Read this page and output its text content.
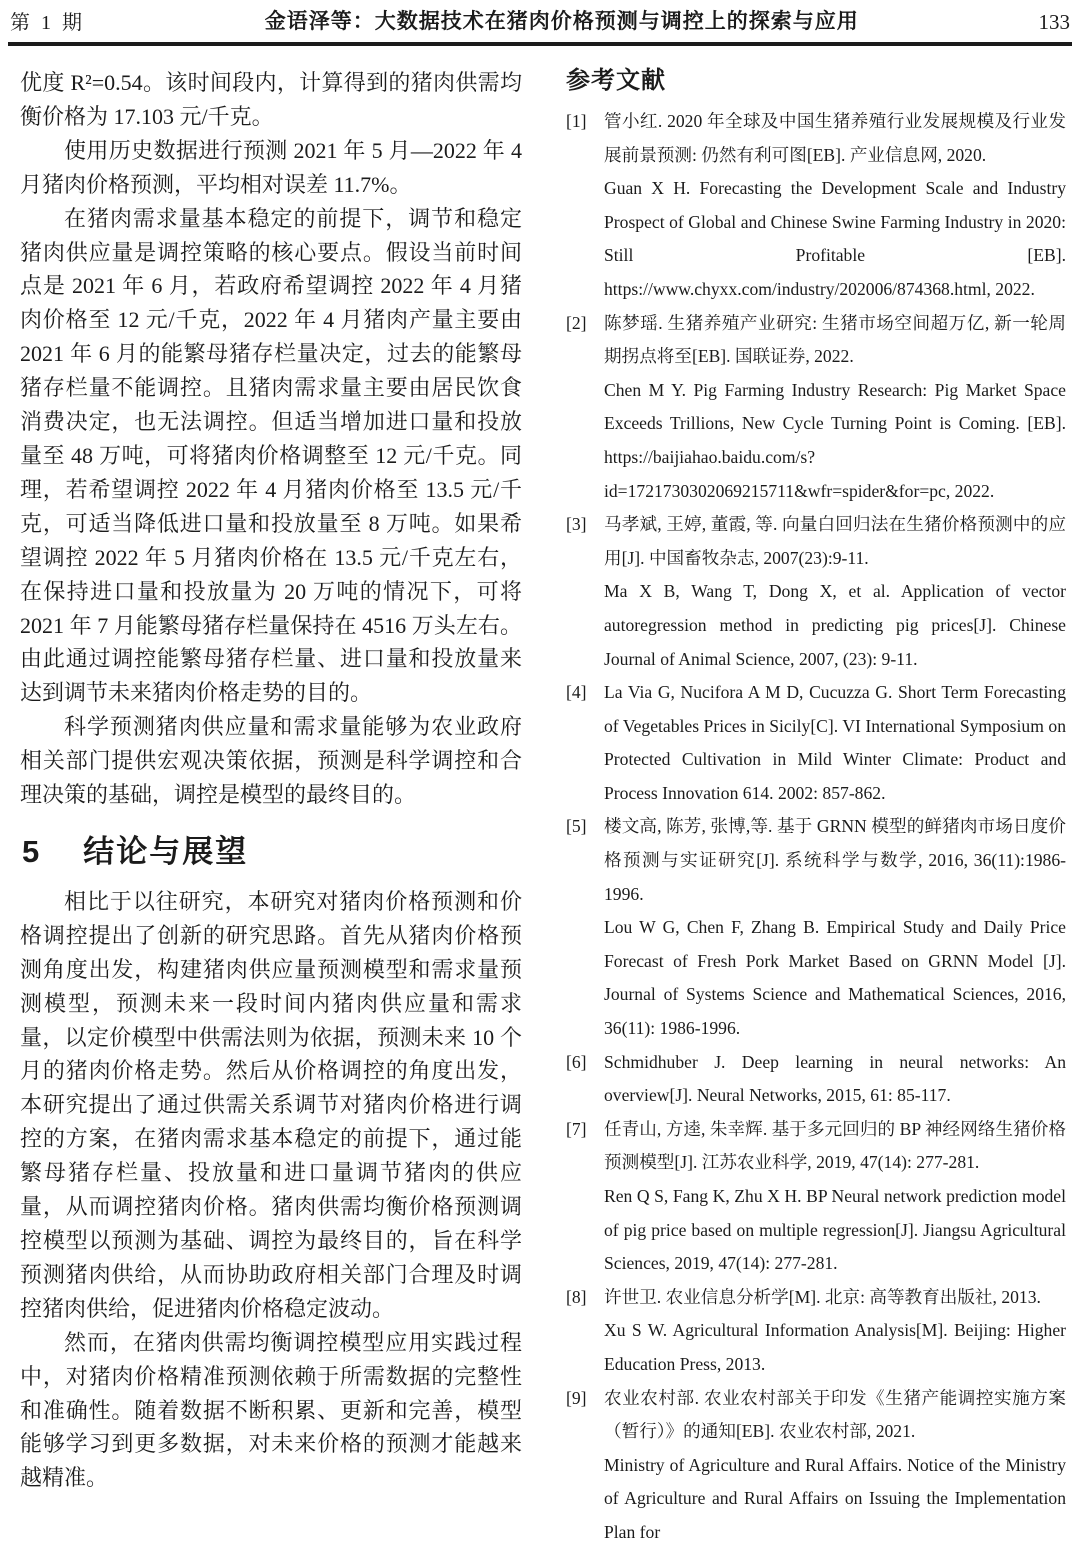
第 1 期	金语泽等：大数据技术在猪肉价格预测与调控上的探索与应用	133

优度 R²=0.54。该时间段内，计算得到的猪肉供需均衡价格为 17.103 元/千克。

使用历史数据进行预测 2021 年 5 月—2022 年 4 月猪肉价格预测，平均相对误差 11.7%。

在猪肉需求量基本稳定的前提下，调节和稳定猪肉供应量是调控策略的核心要点。假设当前时间点是 2021 年 6 月，若政府希望调控 2022 年 4 月猪肉价格至 12 元/千克，2022 年 4 月猪肉产量主要由 2021 年 6 月的能繁母猪存栏量决定，过去的能繁母猪存栏量不能调控。且猪肉需求量主要由居民饮食消费决定，也无法调控。但适当增加进口量和投放量至 48 万吨，可将猪肉价格调整至 12 元/千克。同理，若希望调控 2022 年 4 月猪肉价格至 13.5 元/千克，可适当降低进口量和投放量至 8 万吨。如果希望调控 2022 年 5 月猪肉价格在 13.5 元/千克左右，在保持进口量和投放量为 20 万吨的情况下，可将 2021 年 7 月能繁母猪存栏量保持在 4516 万头左右。由此通过调控能繁母猪存栏量、进口量和投放量来达到调节未来猪肉价格走势的目的。

科学预测猪肉供应量和需求量能够为农业政府相关部门提供宏观决策依据，预测是科学调控和合理决策的基础，调控是模型的最终目的。

5 结论与展望

相比于以往研究，本研究对猪肉价格预测和价格调控提出了创新的研究思路。首先从猪肉价格预测角度出发，构建猪肉供应量预测模型和需求量预测模型，预测未来一段时间内猪肉供应量和需求量，以定价模型中供需法则为依据，预测未来 10 个月的猪肉价格走势。然后从价格调控的角度出发，本研究提出了通过供需关系调节对猪肉价格进行调控的方案，在猪肉需求基本稳定的前提下，通过能繁母猪存栏量、投放量和进口量调节猪肉的供应量，从而调控猪肉价格。猪肉供需均衡价格预测调控模型以预测为基础、调控为最终目的，旨在科学预测猪肉供给，从而协助政府相关部门合理及时调控猪肉供给，促进猪肉价格稳定波动。

然而，在猪肉供需均衡调控模型应用实践过程中，对猪肉价格精准预测依赖于所需数据的完整性和准确性。随着数据不断积累、更新和完善，模型能够学习到更多数据，对未来价格的预测才能越来越精准。

参考文献
[1] 管小红. 2020 年全球及中国生猪养殖行业发展规模及行业发展前景预测: 仍然有利可图[EB]. 产业信息网, 2020.

Guan X H. Forecasting the Development Scale and Industry Prospect of Global and Chinese Swine Farming Industry in 2020: Still Profitable [EB]. https://www.chyxx.com/industry/202006/874368.html, 2022.

[2] 陈梦瑶. 生猪养殖产业研究: 生猪市场空间超万亿, 新一轮周期拐点将至[EB]. 国联证券, 2022.

Chen M Y. Pig Farming Industry Research: Pig Market Space Exceeds Trillions, New Cycle Turning Point is Coming. [EB]. https://baijiahao.baidu.com/s?id=1721730302069215711&wfr=spider&for=pc, 2022.

[3] 马孝斌, 王婷, 董霞, 等. 向量白回归法在生猪价格预测中的应用[J]. 中国畜牧杂志, 2007(23):9-11.

Ma X B, Wang T, Dong X, et al. Application of vector autoregression method in predicting pig prices[J]. Chinese Journal of Animal Science, 2007, (23): 9-11.

[4] La Via G, Nucifora A M D, Cucuzza G. Short Term Forecasting of Vegetables Prices in Sicily[C]. VI International Symposium on Protected Cultivation in Mild Winter Climate: Product and Process Innovation 614. 2002: 857-862.

[5] 楼文高, 陈芳, 张博,等. 基于 GRNN 模型的鲜猪肉市场日度价格预测与实证研究[J]. 系统科学与数学, 2016, 36(11):1986-1996.

Lou W G, Chen F, Zhang B. Empirical Study and Daily Price Forecast of Fresh Pork Market Based on GRNN Model [J]. Journal of Systems Science and Mathematical Sciences, 2016, 36(11): 1986-1996.

[6] Schmidhuber J. Deep learning in neural networks: An overview[J]. Neural Networks, 2015, 61: 85-117.

[7] 任青山, 方逵, 朱幸辉. 基于多元回归的 BP 神经网络生猪价格预测模型[J]. 江苏农业科学, 2019, 47(14): 277-281.

Ren Q S, Fang K, Zhu X H. BP Neural network prediction model of pig price based on multiple regression[J]. Jiangsu Agricultural Sciences, 2019, 47(14): 277-281.

[8] 许世卫. 农业信息分析学[M]. 北京: 高等教育出版社, 2013.

Xu S W. Agricultural Information Analysis[M]. Beijing: Higher Education Press, 2013.

[9] 农业农村部. 农业农村部关于印发《生猪产能调控实施方案（暂行）》的通知[EB]. 农业农村部, 2021.

Ministry of Agriculture and Rural Affairs. Notice of the Ministry of Agriculture and Rural Affairs on Issuing the Implementation Plan for
